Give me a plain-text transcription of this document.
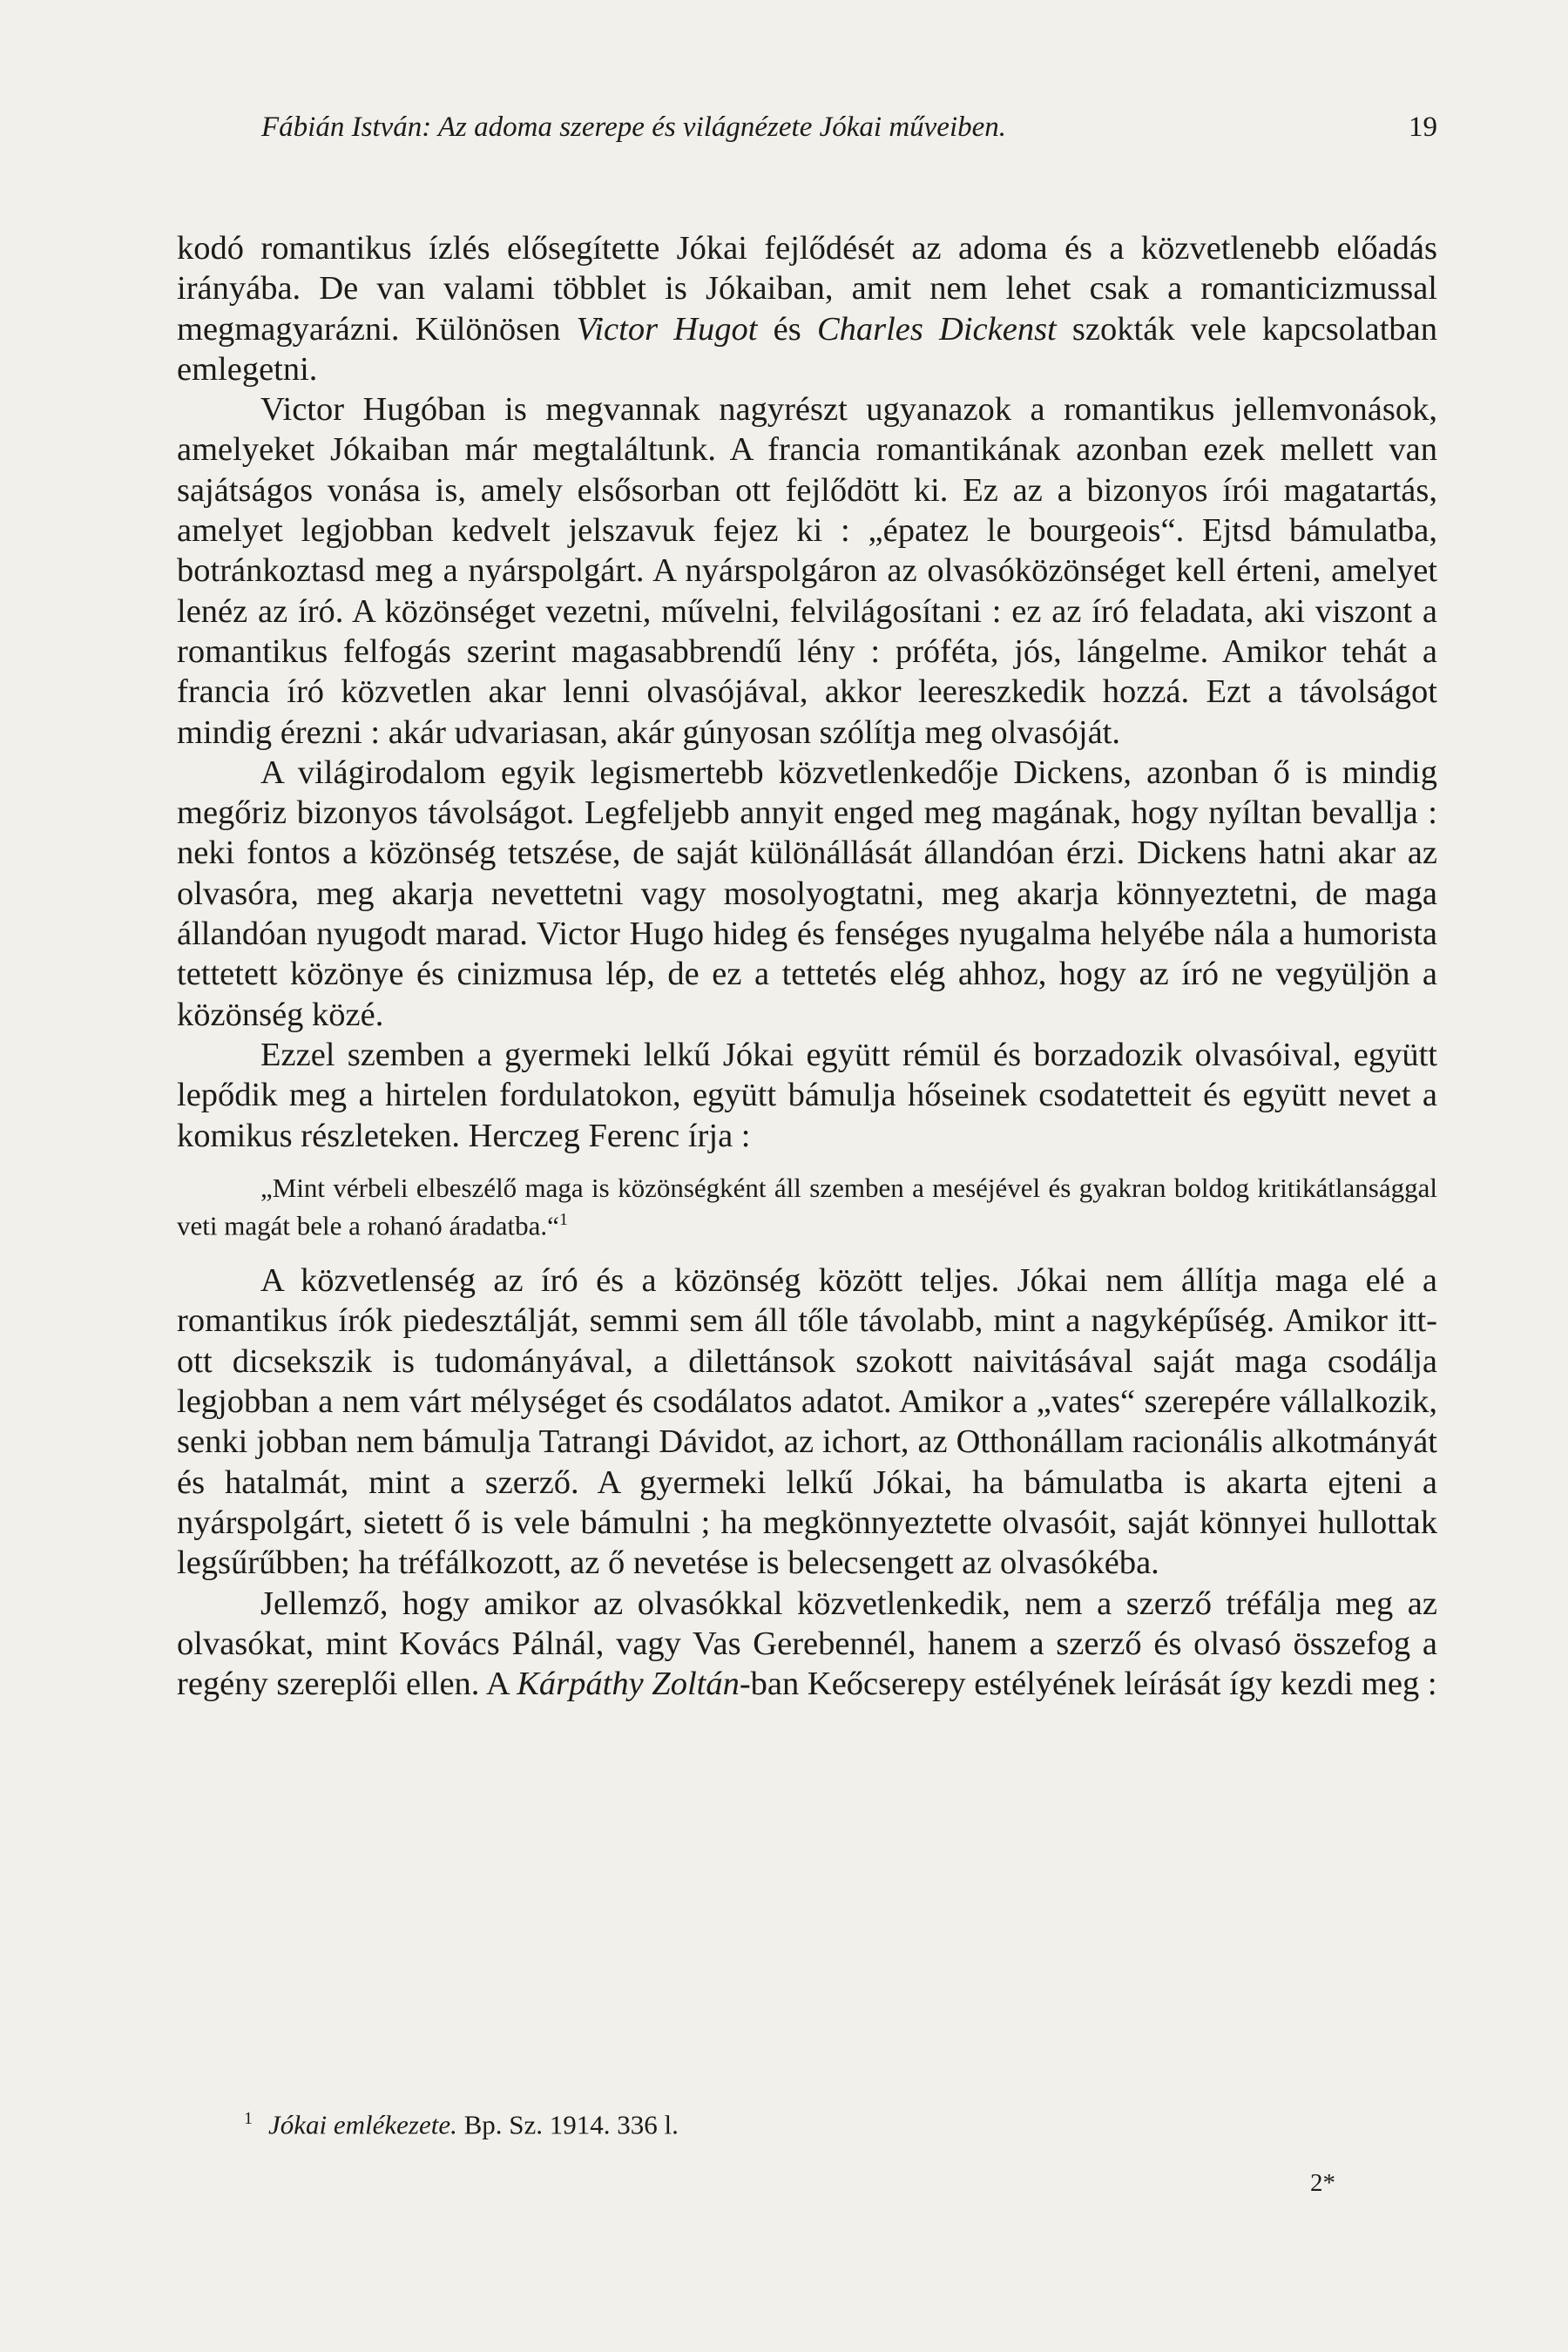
Fábián István: Az adoma szerepe és világnézete Jókai műveiben.	19

kodó romantikus ízlés elősegítette Jókai fejlődését az adoma és a közvetlenebb előadás irányába. De van valami többlet is Jókaiban, amit nem lehet csak a romanticizmussal megmagyarázni. Különösen Victor Hugot és Charles Dickenst szokták vele kapcsolatban emlegetni.

Victor Hugóban is megvannak nagyrészt ugyanazok a romantikus jellemvonások, amelyeket Jókaiban már megtaláltunk. A francia romantikának azonban ezek mellett van sajátságos vonása is, amely elsősorban ott fejlődött ki. Ez az a bizonyos írói magatartás, amelyet legjobban kedvelt jelszavuk fejez ki : „épatez le bourgeois“. Ejtsd bámulatba, botránkoztasd meg a nyárspolgárt. A nyárspolgáron az olvasóközönséget kell érteni, amelyet lenéz az író. A közönséget vezetni, művelni, felvilágosítani : ez az író feladata, aki viszont a romantikus felfogás szerint magasabbrendű lény : próféta, jós, lángelme. Amikor tehát a francia író közvetlen akar lenni olvasójával, akkor leereszkedik hozzá. Ezt a távolságot mindig érezni : akár udvariasan, akár gúnyosan szólítja meg olvasóját.

A világirodalom egyik legismertebb közvetlenkedője Dickens, azonban ő is mindig megőriz bizonyos távolságot. Legfeljebb annyit enged meg magának, hogy nyíltan bevallja : neki fontos a közönség tetszése, de saját különállását állandóan érzi. Dickens hatni akar az olvasóra, meg akarja nevettetni vagy mosolyogtatni, meg akarja könnyeztetni, de maga állandóan nyugodt marad. Victor Hugo hideg és fenséges nyugalma helyébe nála a humorista tettetett közönye és cinizmusa lép, de ez a tettetés elég ahhoz, hogy az író ne vegyüljön a közönség közé.

Ezzel szemben a gyermeki lelkű Jókai együtt rémül és borzadozik olvasóival, együtt lepődik meg a hirtelen fordulatokon, együtt bámulja hőseinek csodatetteit és együtt nevet a komikus részleteken. Herczeg Ferenc írja :

„Mint vérbeli elbeszélő maga is közönségként áll szemben a meséjével és gyakran boldog kritikátlansággal veti magát bele a rohanó áradatba.“$^1$

A közvetlenség az író és a közönség között teljes. Jókai nem állítja maga elé a romantikus írók piedesztálját, semmi sem áll tőle távolabb, mint a nagyképűség. Amikor itt-ott dicsekszik is tudományával, a dilettánsok szokott naivitásával saját maga csodálja legjobban a nem várt mélységet és csodálatos adatot. Amikor a „vates“ szerepére vállalkozik, senki jobban nem bámulja Tatrangi Dávidot, az ichort, az Otthonállam racionális alkotmányát és hatalmát, mint a szerző. A gyermeki lelkű Jókai, ha bámulatba is akarta ejteni a nyárspolgárt, sietett ő is vele bámulni ; ha megkönnyeztette olvasóit, saját könnyei hullottak legsűrűbben; ha tréfálkozott, az ő nevetése is belecsengett az olvasókéba.

Jellemző, hogy amikor az olvasókkal közvetlenkedik, nem a szerző tréfálja meg az olvasókat, mint Kovács Pálnál, vagy Vas Gerebennél, hanem a szerző és olvasó összefog a regény szereplői ellen. A Kárpáthy Zoltán-ban Keőcserepy estélyének leírását így kezdi meg :

$^1$ Jókai emlékezete. Bp. Sz. 1914. 336 l.
2*
